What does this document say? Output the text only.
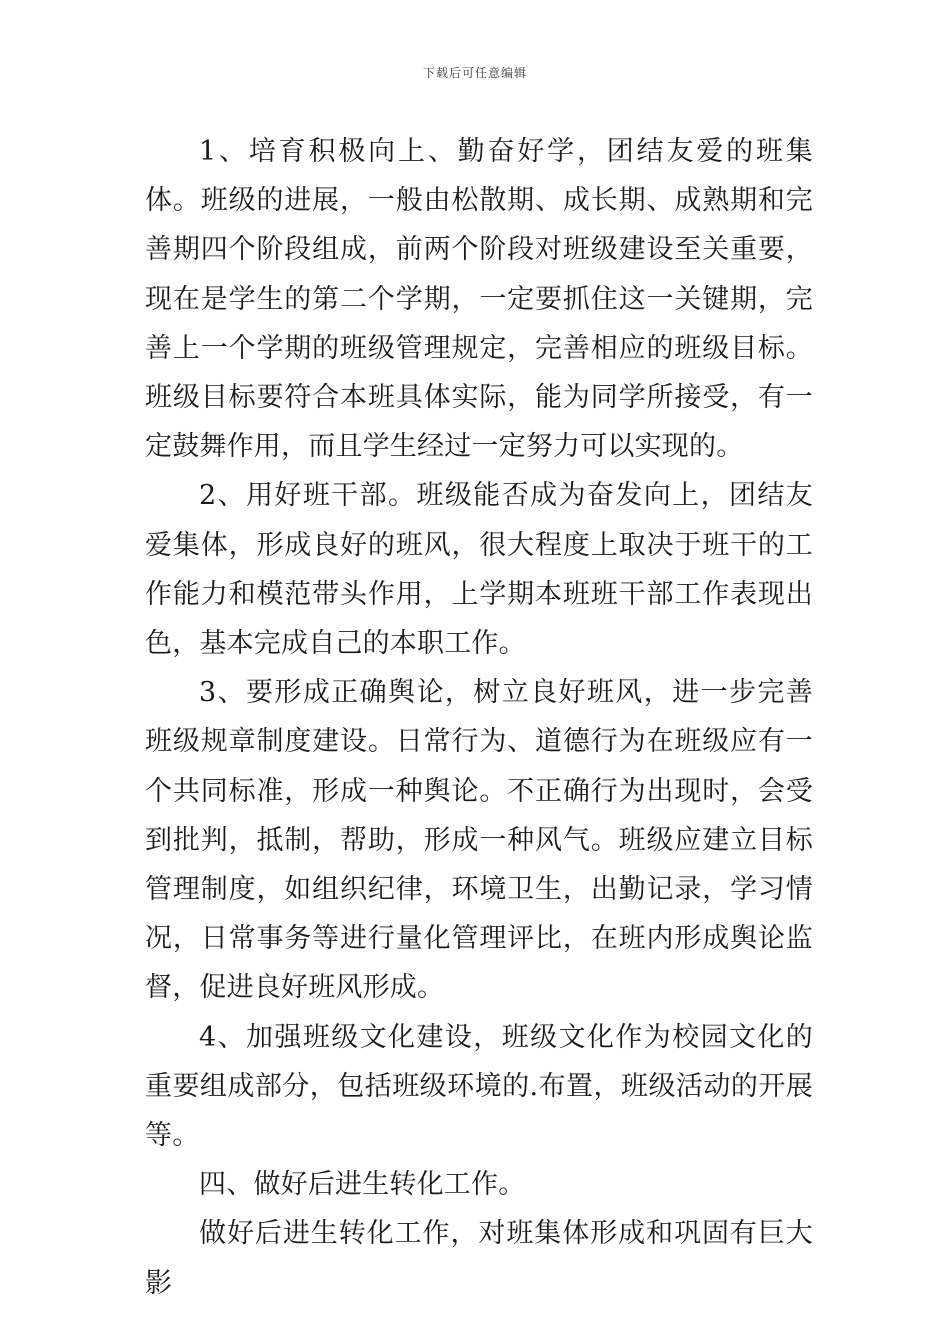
下载后可任意编辑

1、培育积极向上、勤奋好学，团结友爱的班集体。班级的进展，一般由松散期、成长期、成熟期和完善期四个阶段组成，前两个阶段对班级建设至关重要，现在是学生的第二个学期，一定要抓住这一关键期，完善上一个学期的班级管理规定，完善相应的班级目标。班级目标要符合本班具体实际，能为同学所接受，有一定鼓舞作用，而且学生经过一定努力可以实现的。

2、用好班干部。班级能否成为奋发向上，团结友爱集体，形成良好的班风，很大程度上取决于班干的工作能力和模范带头作用，上学期本班班干部工作表现出色，基本完成自己的本职工作。

3、要形成正确舆论，树立良好班风，进一步完善班级规章制度建设。日常行为、道德行为在班级应有一个共同标准，形成一种舆论。不正确行为出现时，会受到批判，抵制，帮助，形成一种风气。班级应建立目标管理制度，如组织纪律，环境卫生，出勤记录，学习情况，日常事务等进行量化管理评比，在班内形成舆论监督，促进良好班风形成。

4、加强班级文化建设，班级文化作为校园文化的重要组成部分，包括班级环境的.布置，班级活动的开展等。

四、做好后进生转化工作。

做好后进生转化工作，对班集体形成和巩固有巨大影
